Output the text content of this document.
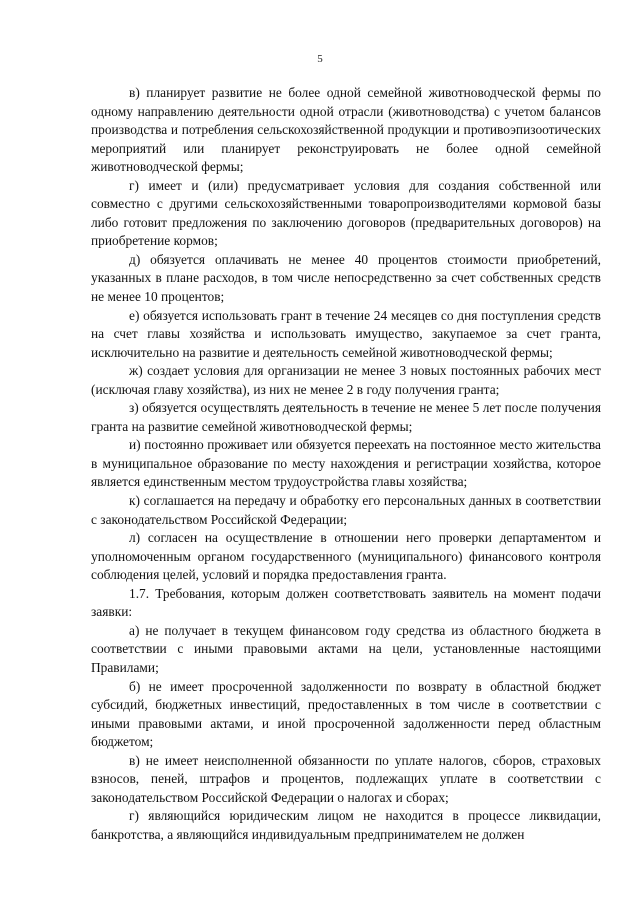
5

в) планирует развитие не более одной семейной животноводческой фермы по одному направлению деятельности одной отрасли (животноводства) с учетом балансов производства и потребления сельскохозяйственной продукции и противоэпизоотических мероприятий или планирует реконструировать не более одной семейной животноводческой фермы;

г) имеет и (или) предусматривает условия для создания собственной или совместно с другими сельскохозяйственными товаропроизводителями кормовой базы либо готовит предложения по заключению договоров (предварительных договоров) на приобретение кормов;

д) обязуется оплачивать не менее 40 процентов стоимости приобретений, указанных в плане расходов, в том числе непосредственно за счет собственных средств не менее 10 процентов;

е) обязуется использовать грант в течение 24 месяцев со дня поступления средств на счет главы хозяйства и использовать имущество, закупаемое за счет гранта, исключительно на развитие и деятельность семейной животноводческой фермы;

ж) создает условия для организации не менее 3 новых постоянных рабочих мест (исключая главу хозяйства), из них не менее 2 в году получения гранта;

з) обязуется осуществлять деятельность в течение не менее 5 лет после получения гранта на развитие семейной животноводческой фермы;

и) постоянно проживает или обязуется переехать на постоянное место жительства в муниципальное образование по месту нахождения и регистрации хозяйства, которое является единственным местом трудоустройства главы хозяйства;

к) соглашается на передачу и обработку его персональных данных в соответствии с законодательством Российской Федерации;

л) согласен на осуществление в отношении него проверки департаментом и уполномоченным органом государственного (муниципального) финансового контроля соблюдения целей, условий и порядка предоставления гранта.

1.7. Требования, которым должен соответствовать заявитель на момент подачи заявки:

а) не получает в текущем финансовом году средства из областного бюджета в соответствии с иными правовыми актами на цели, установленные настоящими Правилами;

б) не имеет просроченной задолженности по возврату в областной бюджет субсидий, бюджетных инвестиций, предоставленных в том числе в соответствии с иными правовыми актами, и иной просроченной задолженности перед областным бюджетом;

в) не имеет неисполненной обязанности по уплате налогов, сборов, страховых взносов, пеней, штрафов и процентов, подлежащих уплате в соответствии с законодательством Российской Федерации о налогах и сборах;

г) являющийся юридическим лицом не находится в процессе ликвидации, банкротства, а являющийся индивидуальным предпринимателем не должен
